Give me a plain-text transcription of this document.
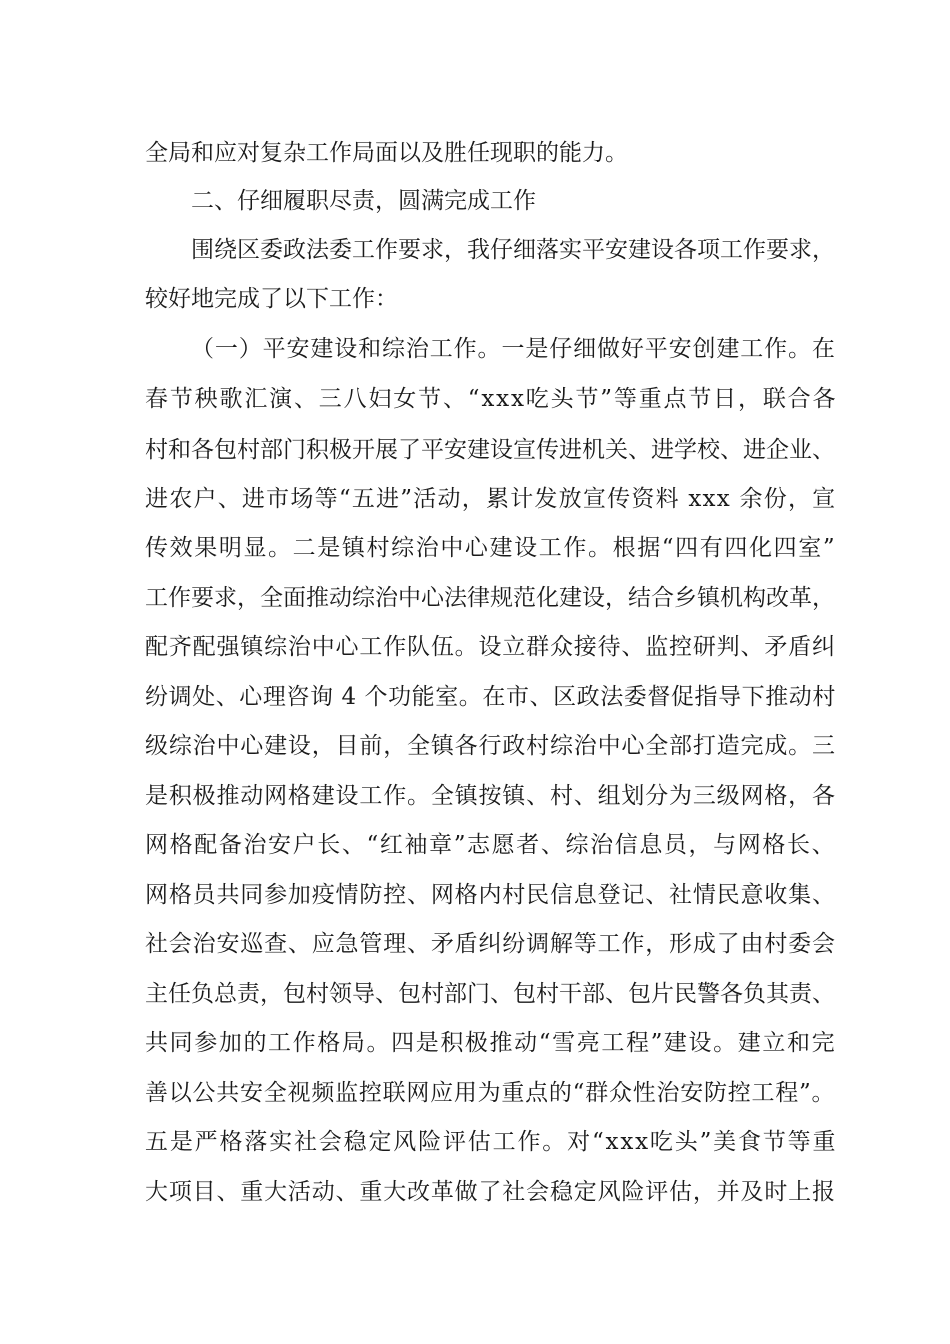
全局和应对复杂工作局面以及胜任现职的能力。
二、仔细履职尽责，圆满完成工作
围绕区委政法委工作要求，我仔细落实平安建设各项工作要求，
较好地完成了以下工作：
（一）平安建设和综治工作。一是仔细做好平安创建工作。在
春节秧歌汇演、三八妇女节、“xxx吃头节”等重点节日，联合各
村和各包村部门积极开展了平安建设宣传进机关、进学校、进企业、
进农户、进市场等“五进”活动，累计发放宣传资料 xxx 余份，宣
传效果明显。二是镇村综治中心建设工作。根据“四有四化四室”
工作要求，全面推动综治中心法律规范化建设，结合乡镇机构改革，
配齐配强镇综治中心工作队伍。设立群众接待、监控研判、矛盾纠
纷调处、心理咨询 4 个功能室。在市、区政法委督促指导下推动村
级综治中心建设，目前，全镇各行政村综治中心全部打造完成。三
是积极推动网格建设工作。全镇按镇、村、组划分为三级网格，各
网格配备治安户长、“红袖章”志愿者、综治信息员，与网格长、
网格员共同参加疫情防控、网格内村民信息登记、社情民意收集、
社会治安巡查、应急管理、矛盾纠纷调解等工作，形成了由村委会
主任负总责，包村领导、包村部门、包村干部、包片民警各负其责、
共同参加的工作格局。四是积极推动“雪亮工程”建设。建立和完
善以公共安全视频监控联网应用为重点的“群众性治安防控工程”。
五是严格落实社会稳定风险评估工作。对“xxx吃头”美食节等重
大项目、重大活动、重大改革做了社会稳定风险评估，并及时上报
